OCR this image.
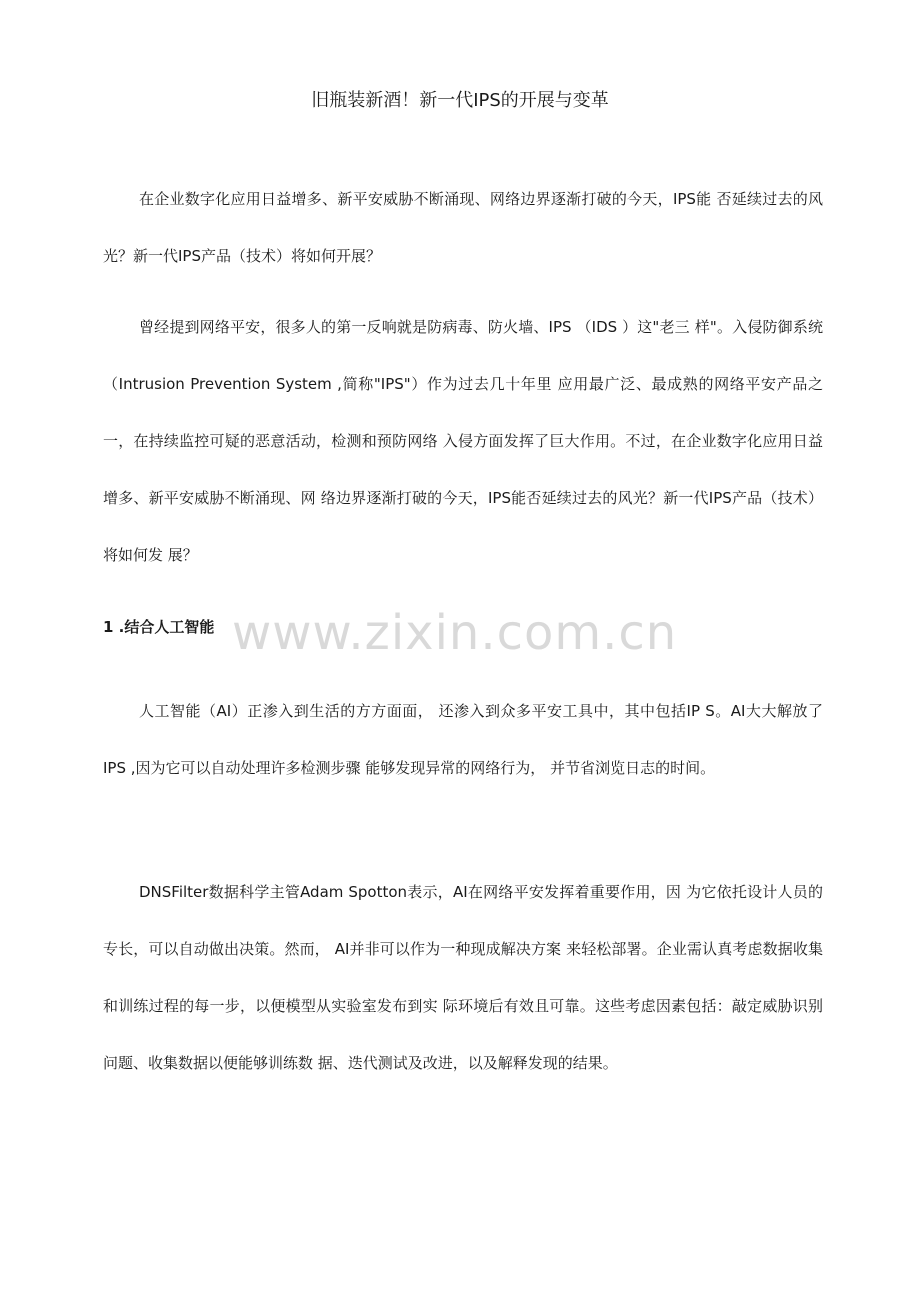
旧瓶装新酒！新一代IPS的开展与变革

在企业数字化应用日益增多、新平安威胁不断涌现、网络边界逐渐打破的今天，IPS能 否延续过去的风光？新一代IPS产品（技术）将如何开展？

曾经提到网络平安，很多人的第一反响就是防病毒、防火墙、IPS （IDS ）这"老三 样"。入侵防御系统（Intrusion Prevention System ,简称"IPS"）作为过去几十年里 应用最广泛、最成熟的网络平安产品之一，在持续监控可疑的恶意活动，检测和预防网络 入侵方面发挥了巨大作用。不过，在企业数字化应用日益增多、新平安威胁不断涌现、网 络边界逐渐打破的今天，IPS能否延续过去的风光？新一代IPS产品（技术）将如何发 展？

1 .结合人工智能 www.zixin.com.cn

人工智能（AI）正渗入到生活的方方面面， 还渗入到众多平安工具中，其中包括IP S。AI大大解放了 IPS ,因为它可以自动处理许多检测步骤 能够发现异常的网络行为， 并节省浏览日志的时间。

DNSFilter数据科学主管Adam Spotton表示，AI在网络平安发挥着重要作用，因 为它依托设计人员的专长，可以自动做出决策。然而， AI并非可以作为一种现成解决方案 来轻松部署。企业需认真考虑数据收集和训练过程的每一步，以便模型从实验室发布到实 际环境后有效且可靠。这些考虑因素包括：敲定威胁识别问题、收集数据以便能够训练数 据、迭代测试及改进，以及解释发现的结果。
